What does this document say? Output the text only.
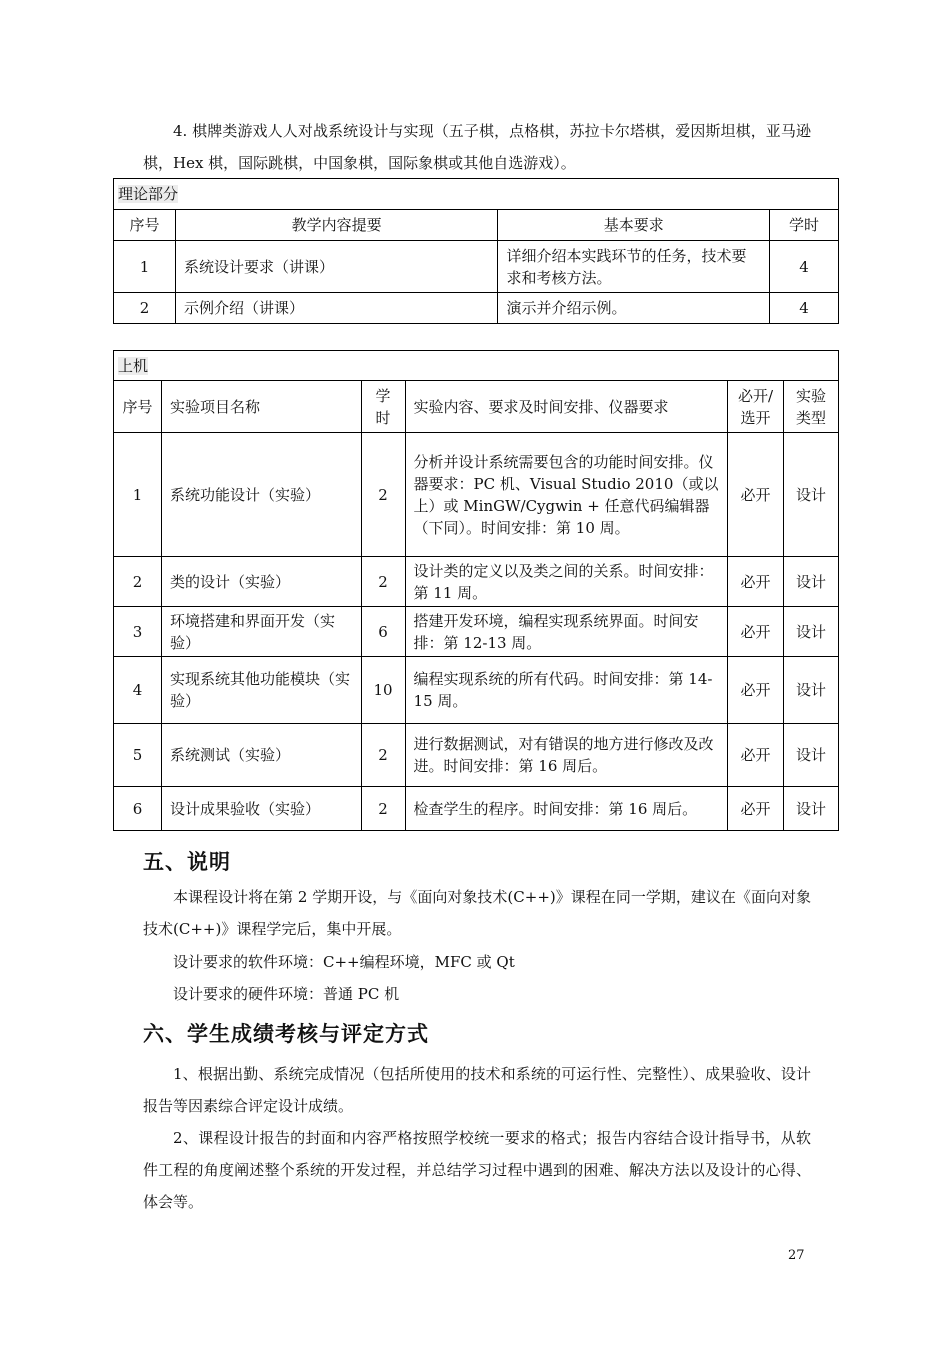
4. 棋牌类游戏人人对战系统设计与实现（五子棋，点格棋，苏拉卡尔塔棋，爱因斯坦棋，亚马逊棋，Hex 棋，国际跳棋，中国象棋，国际象棋或其他自选游戏）。

理论部分			
序号	教学内容提要	基本要求	学时
1	系统设计要求（讲课）	详细介绍本实践环节的任务，技术要求和考核方法。	4
2	示例介绍（讲课）	演示并介绍示例。	4
上机					
序号	实验项目名称	学时	实验内容、要求及时间安排、仪器要求	必开/选开	实验类型
1	系统功能设计（实验）	2	分析并设计系统需要包含的功能时间安排。仪器要求：PC 机、Visual Studio 2010（或以上）或 MinGW/Cygwin + 任意代码编辑器（下同）。时间安排：第 10 周。	必开	设计
2	类的设计（实验）	2	设计类的定义以及类之间的关系。时间安排：第 11 周。	必开	设计
3	环境搭建和界面开发（实验）	6	搭建开发环境，编程实现系统界面。时间安排：第 12-13 周。	必开	设计
4	实现系统其他功能模块（实验）	10	编程实现系统的所有代码。时间安排：第 14-15 周。	必开	设计
5	系统测试（实验）	2	进行数据测试，对有错误的地方进行修改及改进。时间安排：第 16 周后。	必开	设计
6	设计成果验收（实验）	2	检查学生的程序。时间安排：第 16 周后。	必开	设计
五、说明

本课程设计将在第 2 学期开设，与《面向对象技术(C++)》课程在同一学期，建议在《面向对象技术(C++)》课程学完后，集中开展。

设计要求的软件环境：C++编程环境，MFC 或 Qt

设计要求的硬件环境：普通 PC 机

六、学生成绩考核与评定方式

1、根据出勤、系统完成情况（包括所使用的技术和系统的可运行性、完整性）、成果验收、设计报告等因素综合评定设计成绩。

2、课程设计报告的封面和内容严格按照学校统一要求的格式；报告内容结合设计指导书，从软件工程的角度阐述整个系统的开发过程，并总结学习过程中遇到的困难、解决方法以及设计的心得、体会等。

27
